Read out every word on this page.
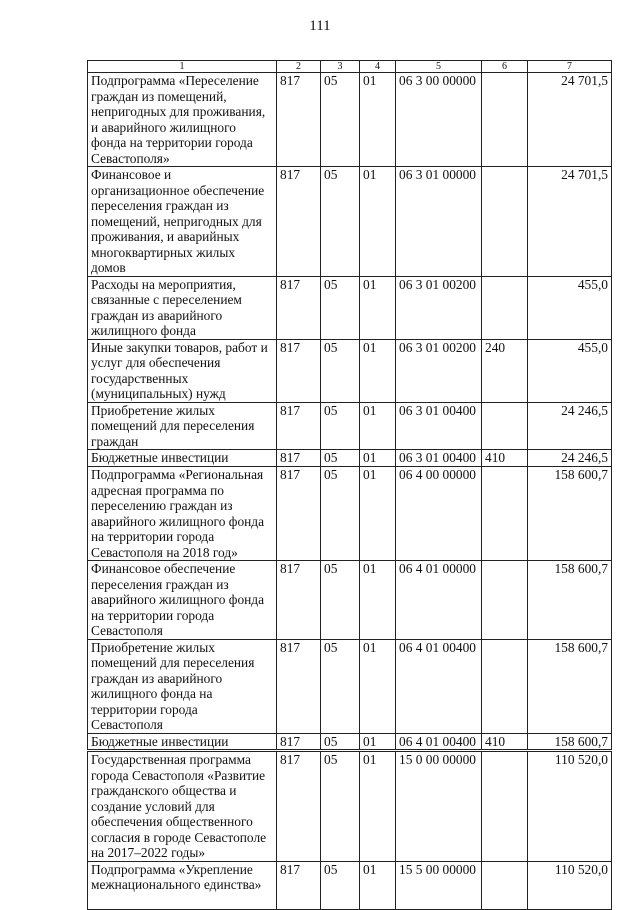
111
1	2	3	4	5	6	7
Подпрограмма «Переселение граждан из помещений, непригодных для проживания, и аварийного жилищного фонда на территории города Севастополя»	817	05	01	06 3 00 00000		24 701,5
Финансовое и организационное обеспечение переселения граждан из помещений, непригодных для проживания, и аварийных многоквартирных жилых домов	817	05	01	06 3 01 00000		24 701,5
Расходы на мероприятия, связанные с переселением граждан из аварийного жилищного фонда	817	05	01	06 3 01 00200		455,0
Иные закупки товаров, работ и услуг для обеспечения государственных (муниципальных) нужд	817	05	01	06 3 01 00200	240	455,0
Приобретение жилых помещений для переселения граждан	817	05	01	06 3 01 00400		24 246,5
Бюджетные инвестиции	817	05	01	06 3 01 00400	410	24 246,5
Подпрограмма «Региональная адресная программа по переселению граждан из аварийного жилищного фонда на территории города Севастополя на 2018 год»	817	05	01	06 4 00 00000		158 600,7
Финансовое обеспечение переселения граждан из аварийного жилищного фонда на территории города Севастополя	817	05	01	06 4 01 00000		158 600,7
Приобретение жилых помещений для переселения граждан из аварийного жилищного фонда на территории города Севастополя	817	05	01	06 4 01 00400		158 600,7
Бюджетные инвестиции	817	05	01	06 4 01 00400	410	158 600,7
Государственная программа города Севастополя «Развитие гражданского общества и создание условий для обеспечения общественного согласия в городе Севастополе на 2017–2022 годы»	817	05	01	15 0 00 00000		110 520,0
Подпрограмма «Укрепление межнационального единства»	817	05	01	15 5 00 00000		110 520,0
